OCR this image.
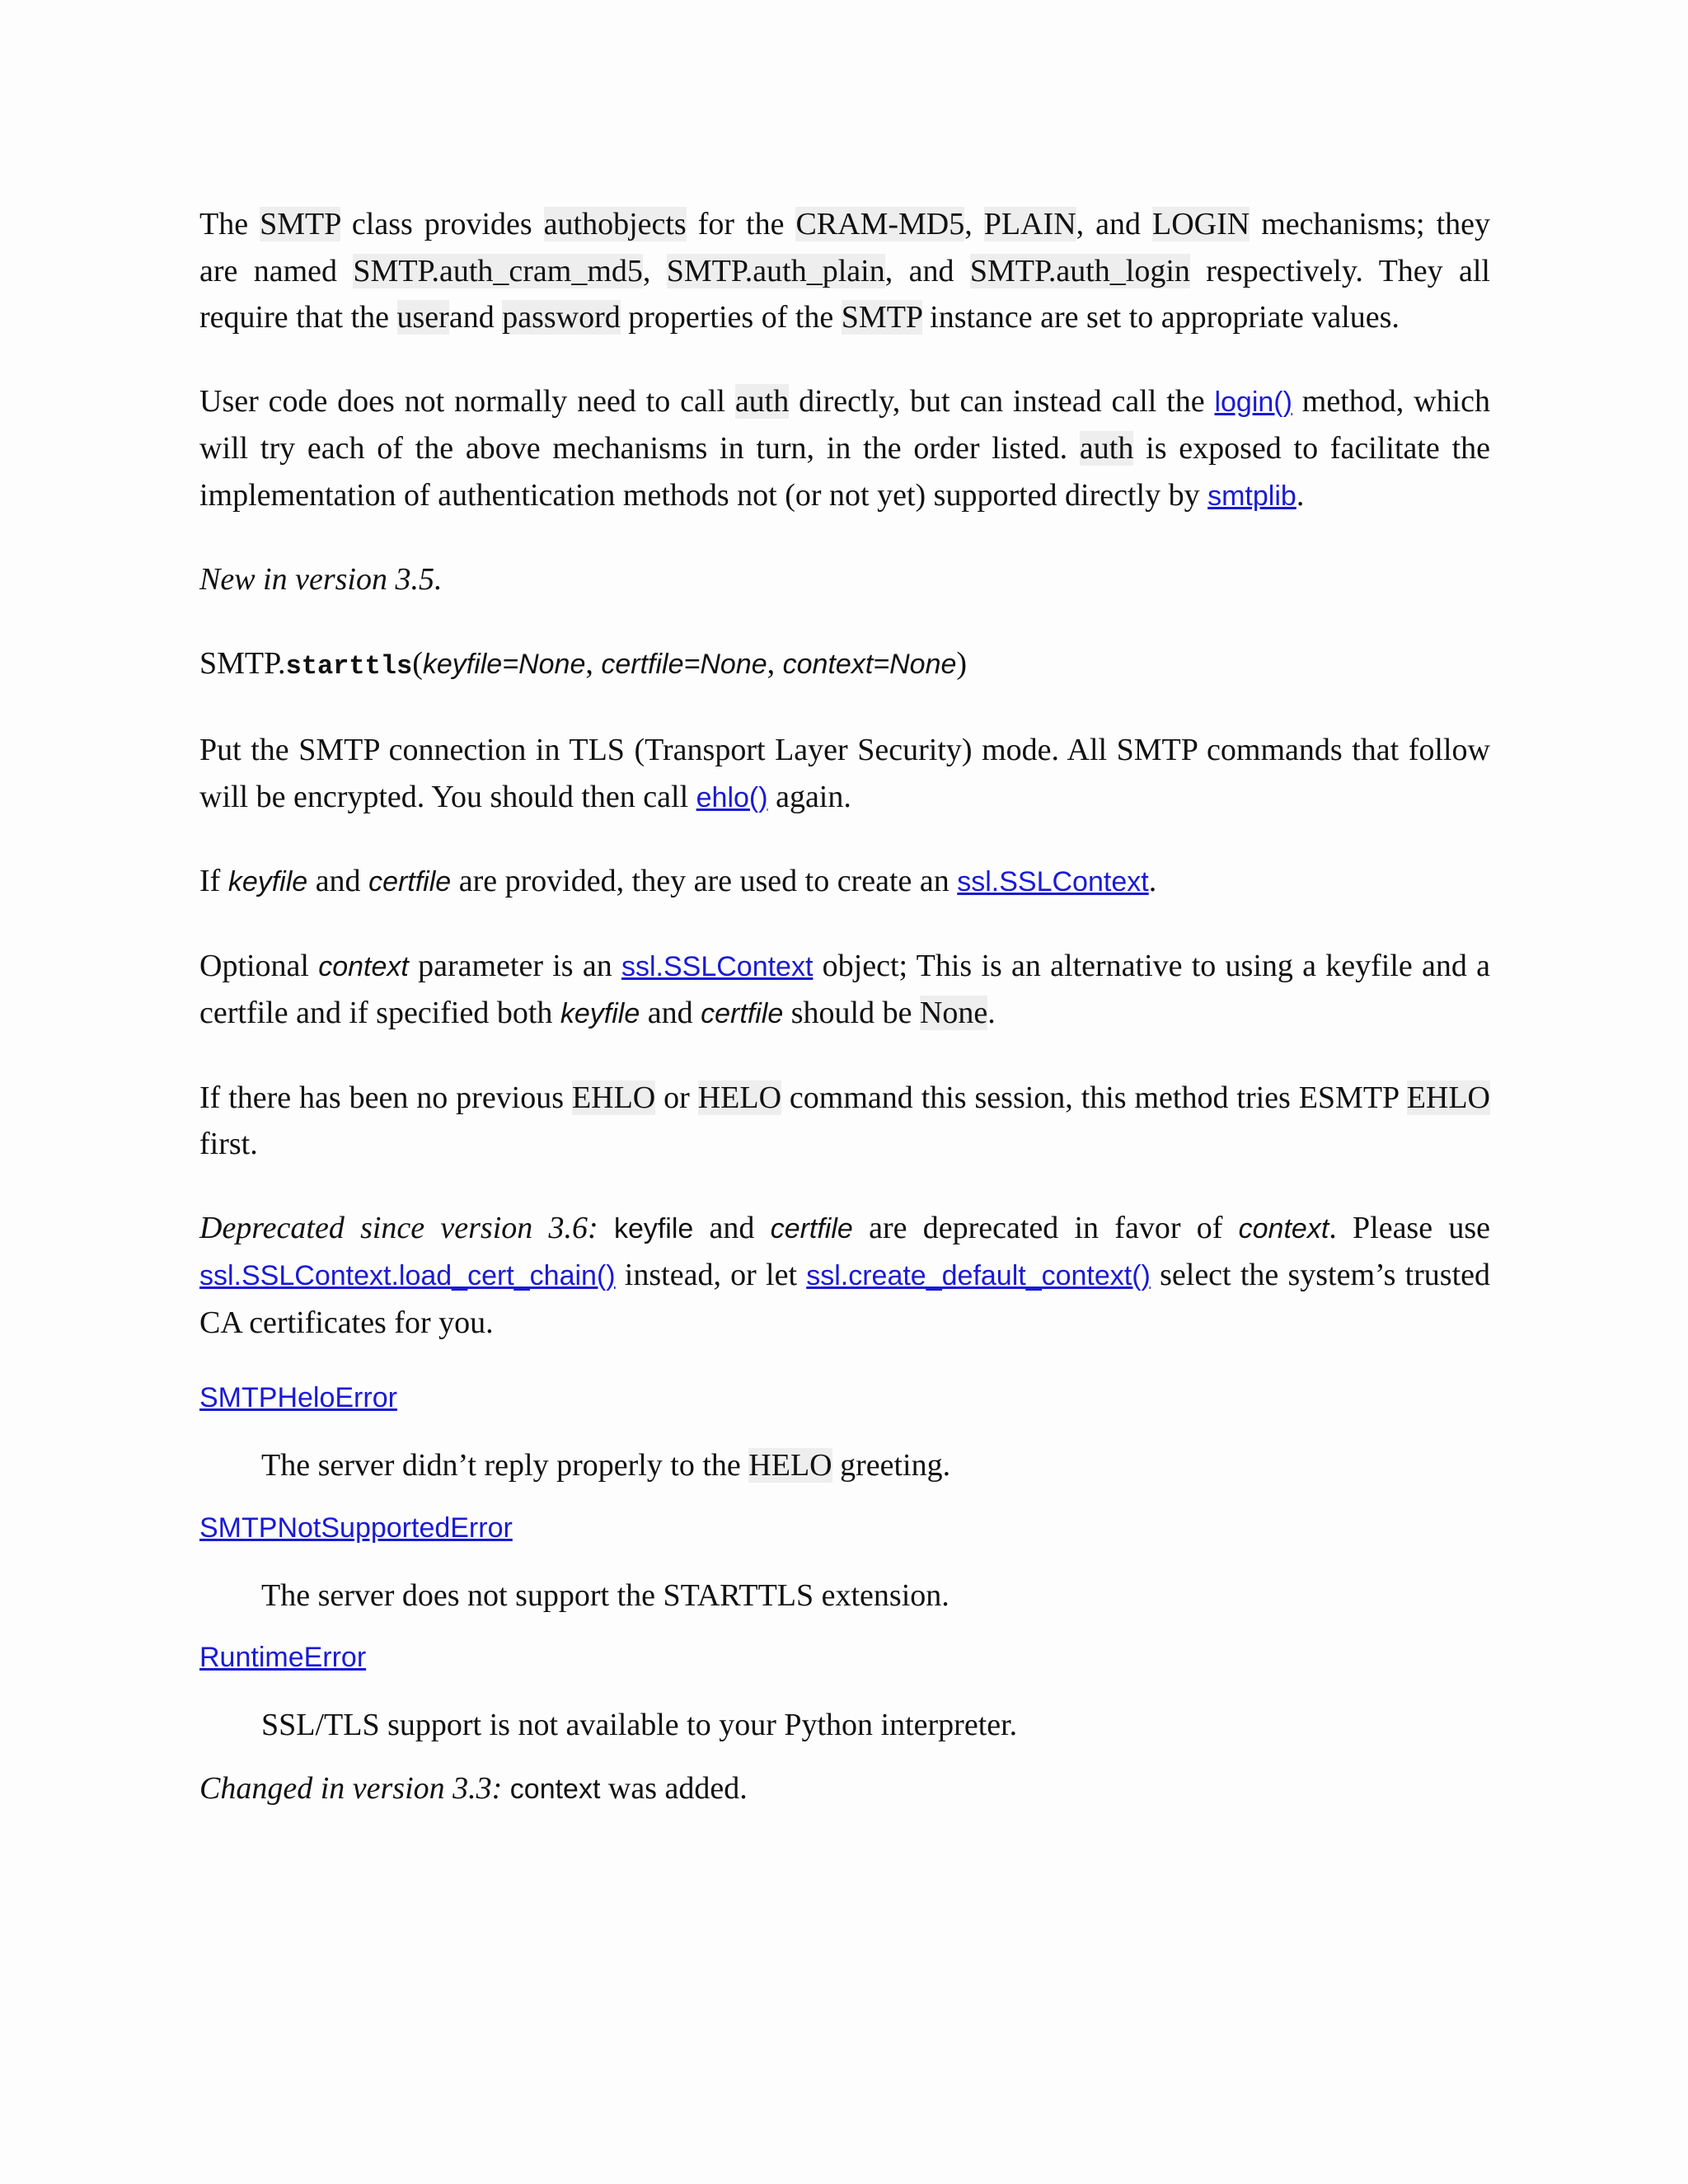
The SMTP class provides authobjects for the CRAM-MD5, PLAIN, and LOGIN mechanisms; they are named SMTP.auth_cram_md5, SMTP.auth_plain, and SMTP.auth_login respectively. They all require that the userand password properties of the SMTP instance are set to appropriate values.

User code does not normally need to call auth directly, but can instead call the login() method, which will try each of the above mechanisms in turn, in the order listed. auth is exposed to facilitate the implementation of authentication methods not (or not yet) supported directly by smtplib.

New in version 3.5.

SMTP.starttls(keyfile=None, certfile=None, context=None)

Put the SMTP connection in TLS (Transport Layer Security) mode. All SMTP commands that follow will be encrypted. You should then call ehlo() again.

If keyfile and certfile are provided, they are used to create an ssl.SSLContext.

Optional context parameter is an ssl.SSLContext object; This is an alternative to using a keyfile and a certfile and if specified both keyfile and certfile should be None.

If there has been no previous EHLO or HELO command this session, this method tries ESMTP EHLO first.

Deprecated since version 3.6: keyfile and certfile are deprecated in favor of context. Please use ssl.SSLContext.load_cert_chain() instead, or let ssl.create_default_context() select the system’s trusted CA certificates for you.

SMTPHeloError

The server didn’t reply properly to the HELO greeting.

SMTPNotSupportedError

The server does not support the STARTTLS extension.

RuntimeError

SSL/TLS support is not available to your Python interpreter.

Changed in version 3.3: context was added.
